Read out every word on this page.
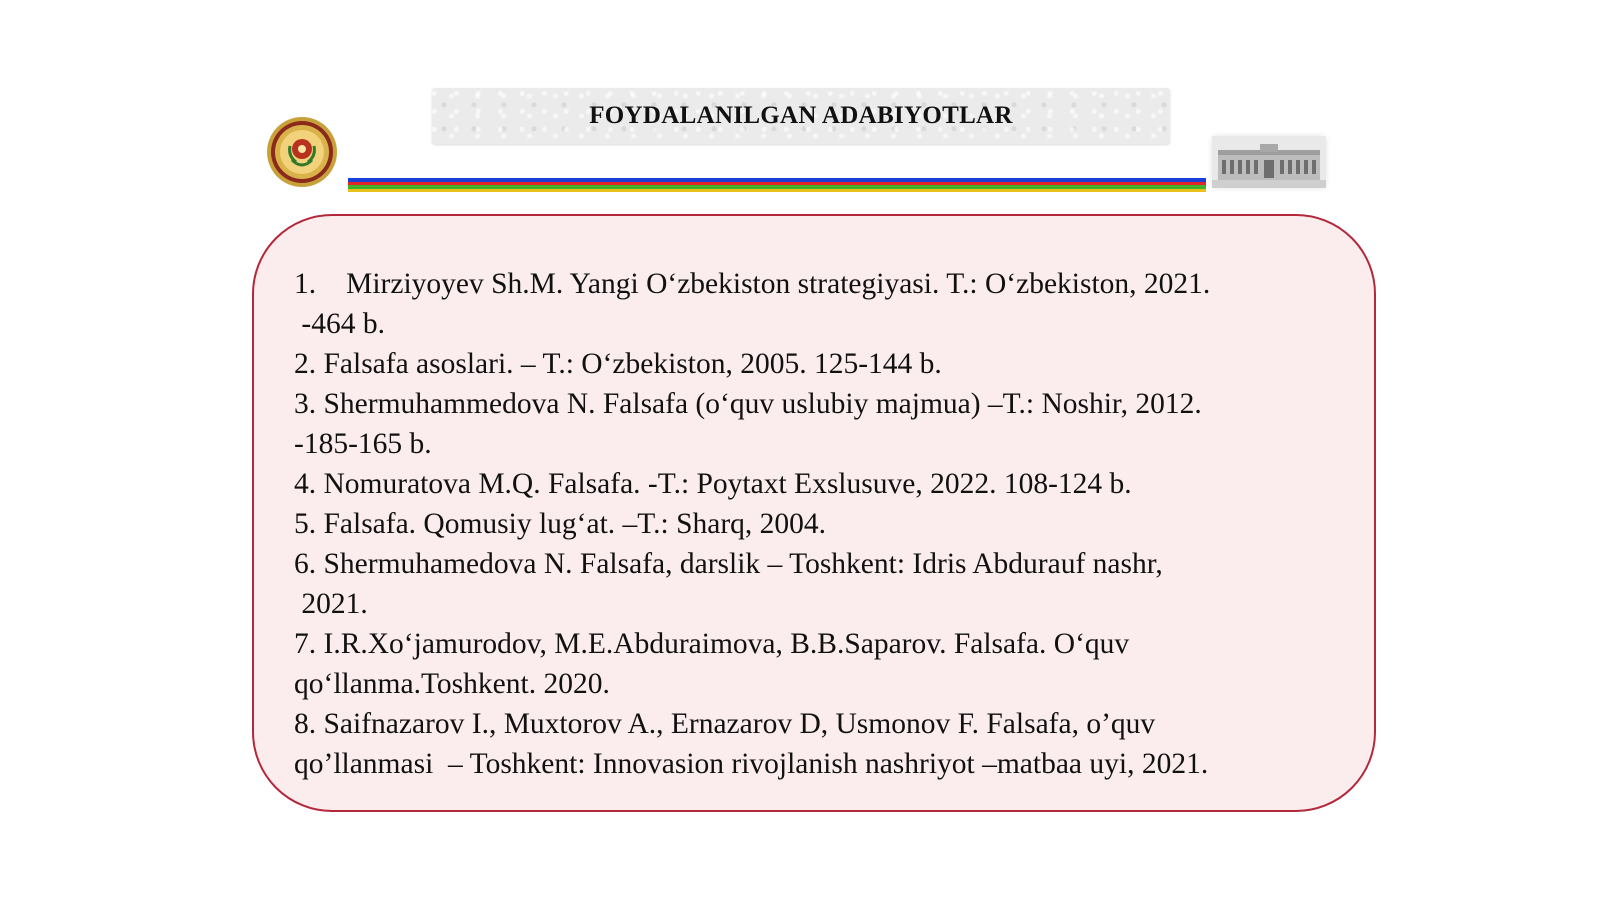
FOYDALANILGAN ADABIYOTLAR

1. Mirziyoyev Sh.M. Yangi O‘zbekiston strategiyasi. T.: O‘zbekiston, 2021.
-464 b.

2. Falsafa asoslari. – T.: O‘zbekiston, 2005. 125-144 b.

3. Shermuhammedova N. Falsafa (o‘quv uslubiy majmua) –T.: Noshir, 2012.
-185-165 b.

4. Nomuratova M.Q. Falsafa. -T.: Poytaxt Exslusuve, 2022. 108-124 b.

5. Falsafa. Qomusiy lug‘at. –T.: Sharq, 2004.

6. Shermuhamedova N. Falsafa, darslik – Toshkent: Idris Abdurauf nashr,
2021.

7. I.R.Xo‘jamurodov, M.E.Abduraimova, B.B.Saparov. Falsafa. O‘quv
qo‘llanma.Toshkent. 2020.

8. Saifnazarov I., Muxtorov A., Ernazarov D, Usmonov F. Falsafa, o’quv
qo’llanmasi  – Toshkent: Innovasion rivojlanish nashriyot –matbaa uyi, 2021.
